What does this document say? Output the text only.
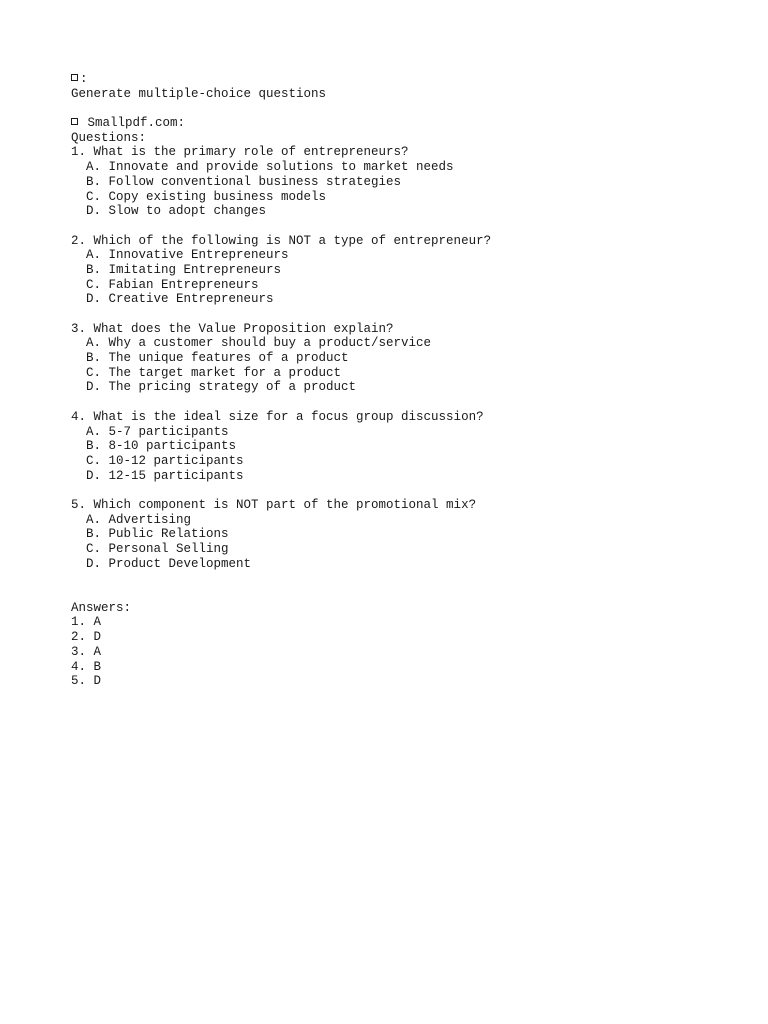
:
Generate multiple-choice questions
Smallpdf.com:
Questions:
1. What is the primary role of entrepreneurs?
A. Innovate and provide solutions to market needs
B. Follow conventional business strategies
C. Copy existing business models
D. Slow to adopt changes
2. Which of the following is NOT a type of entrepreneur?
A. Innovative Entrepreneurs
B. Imitating Entrepreneurs
C. Fabian Entrepreneurs
D. Creative Entrepreneurs
3. What does the Value Proposition explain?
A. Why a customer should buy a product/service
B. The unique features of a product
C. The target market for a product
D. The pricing strategy of a product
4. What is the ideal size for a focus group discussion?
A. 5-7 participants
B. 8-10 participants
C. 10-12 participants
D. 12-15 participants
5. Which component is NOT part of the promotional mix?
A. Advertising
B. Public Relations
C. Personal Selling
D. Product Development
Answers:
1. A
2. D
3. A
4. B
5. D
